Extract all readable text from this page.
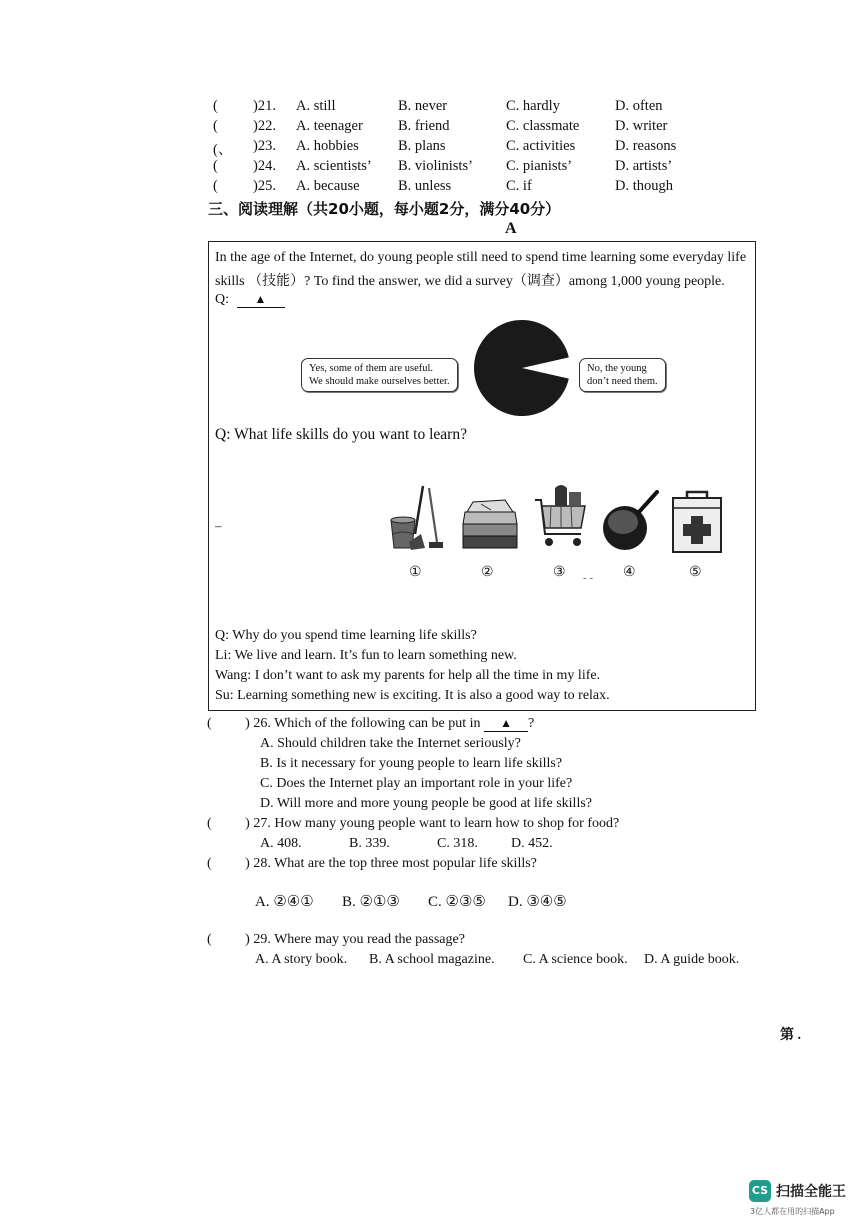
( )21. A. still	B. never	C. hardly	D. often
( )22. A. teenager B. friend	C. classmate D. writer
(、 )23. A. hobbies	B. plans	C. activities	D. reasons
( )24. A. scientists’ B. violinists’ C. pianists’	D. artists’
( )25. A. because	B. unless	C. if	D. though
三、阅读理解（共20小题，每小题2分，满分40分）
A
In the age of the Internet, do young people still need to spend time learning some everyday life
skills （技能）? To find the answer, we did a survey（调查）among 1,000 young people.
Q: ▲
7.1%
Yes, some of them are useful.
We should make ourselves better.
No, the young
don’t need them.
Q: What life skills do you want to learn?
–
①	②	③	④	⑤
- -
Q: Why do you spend time learning life skills?
Li: We live and learn. It’s fun to learn something new.
Wang: I don’t want to ask my parents for help all the time in my life.
Su: Learning something new is exciting. It is also a good way to relax.
( ) 26. Which of the following can be put in ▲ ?
A. Should children take the Internet seriously?
B. Is it necessary for young people to learn life skills?
C. Does the Internet play an important role in your life?
D. Will more and more young people be good at life skills?
( ) 27. How many young people want to learn how to shop for food?
A. 408.	B. 339.	C. 318. D. 452.
( ) 28. What are the top three most popular life skills?
A. ②④① B. ②①③ C. ②③⑤ D. ③④⑤
( ) 29. Where may you read the passage?
A. A story book. B. A school magazine. C. A science book. D. A guide book.
第 .
CS 扫描全能王
3亿人都在用的扫描App
